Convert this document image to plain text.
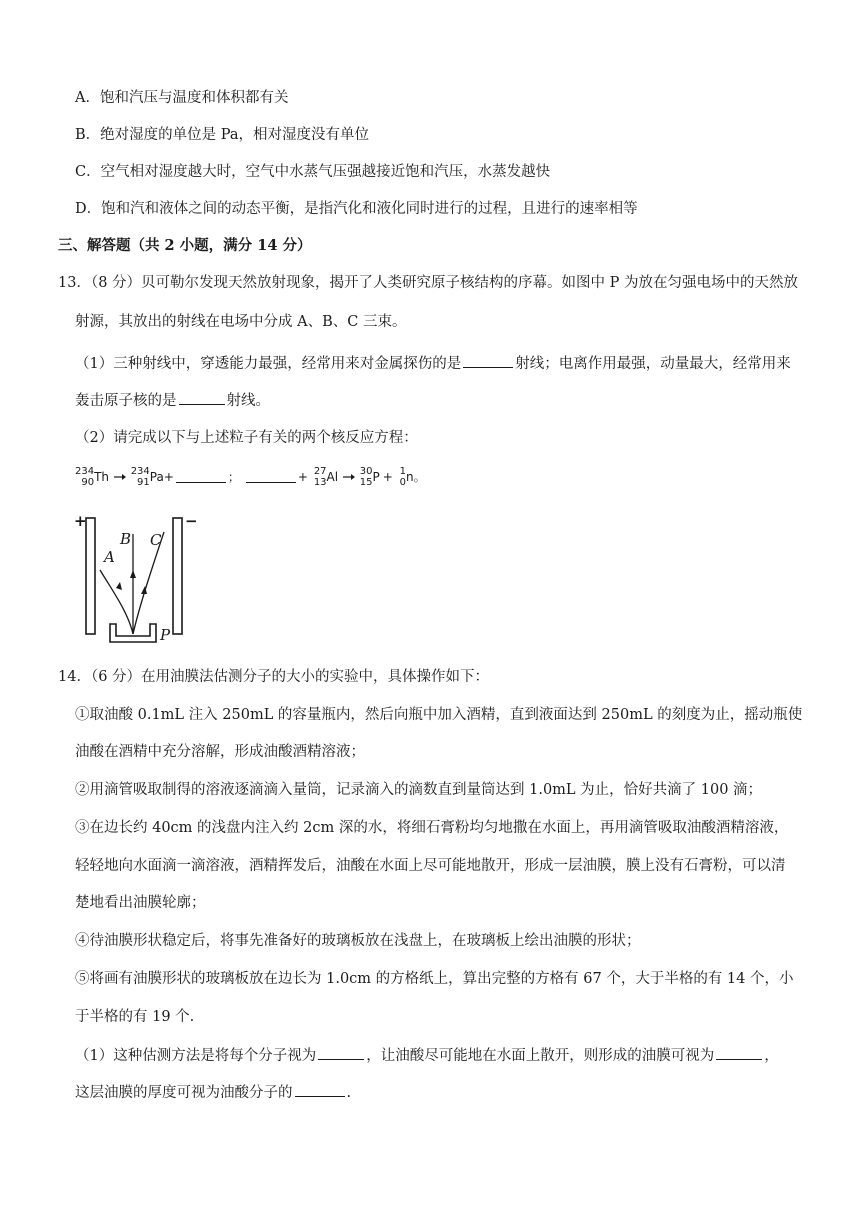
A．饱和汽压与温度和体积都有关
B．绝对湿度的单位是 Pa，相对湿度没有单位
C．空气相对湿度越大时，空气中水蒸气压强越接近饱和汽压，水蒸发越快
D．饱和汽和液体之间的动态平衡，是指汽化和液化同时进行的过程，且进行的速率相等
三、解答题（共 2 小题，满分 14 分）
13．（8 分）贝可勒尔发现天然放射现象，揭开了人类研究原子核结构的序幕。如图中 P 为放在匀强电场中的天然放
射源，其放出的射线在电场中分成 A、B、C 三束。
（1）三种射线中，穿透能力最强，经常用来对金属探伤的是	射线；电离作用最强，动量最大，经常用来
轰击原子核的是	射线。
（2）请完成以下与上述粒子有关的两个核反应方程：
234
90 Th 234
91 Pa+	；	+ 27
13 Al 30
15 P + 1
0 n。
+	−
A
B C
P
14．（6 分）在用油膜法估测分子的大小的实验中，具体操作如下：
①取油酸 0.1mL 注入 250mL 的容量瓶内，然后向瓶中加入酒精，直到液面达到 250mL 的刻度为止，摇动瓶使
油酸在酒精中充分溶解，形成油酸酒精溶液；
②用滴管吸取制得的溶液逐滴滴入量筒，记录滴入的滴数直到量筒达到 1.0mL 为止，恰好共滴了 100 滴；
③在边长约 40cm 的浅盘内注入约 2cm 深的水，将细石膏粉均匀地撒在水面上，再用滴管吸取油酸酒精溶液，
轻轻地向水面滴一滴溶液，酒精挥发后，油酸在水面上尽可能地散开，形成一层油膜，膜上没有石膏粉，可以清
楚地看出油膜轮廓；
④待油膜形状稳定后，将事先准备好的玻璃板放在浅盘上，在玻璃板上绘出油膜的形状；
⑤将画有油膜形状的玻璃板放在边长为 1.0cm 的方格纸上，算出完整的方格有 67 个，大于半格的有 14 个，小
于半格的有 19 个.
（1）这种估测方法是将每个分子视为	，让油酸尽可能地在水面上散开，则形成的油膜可视为	，
这层油膜的厚度可视为油酸分子的	.
